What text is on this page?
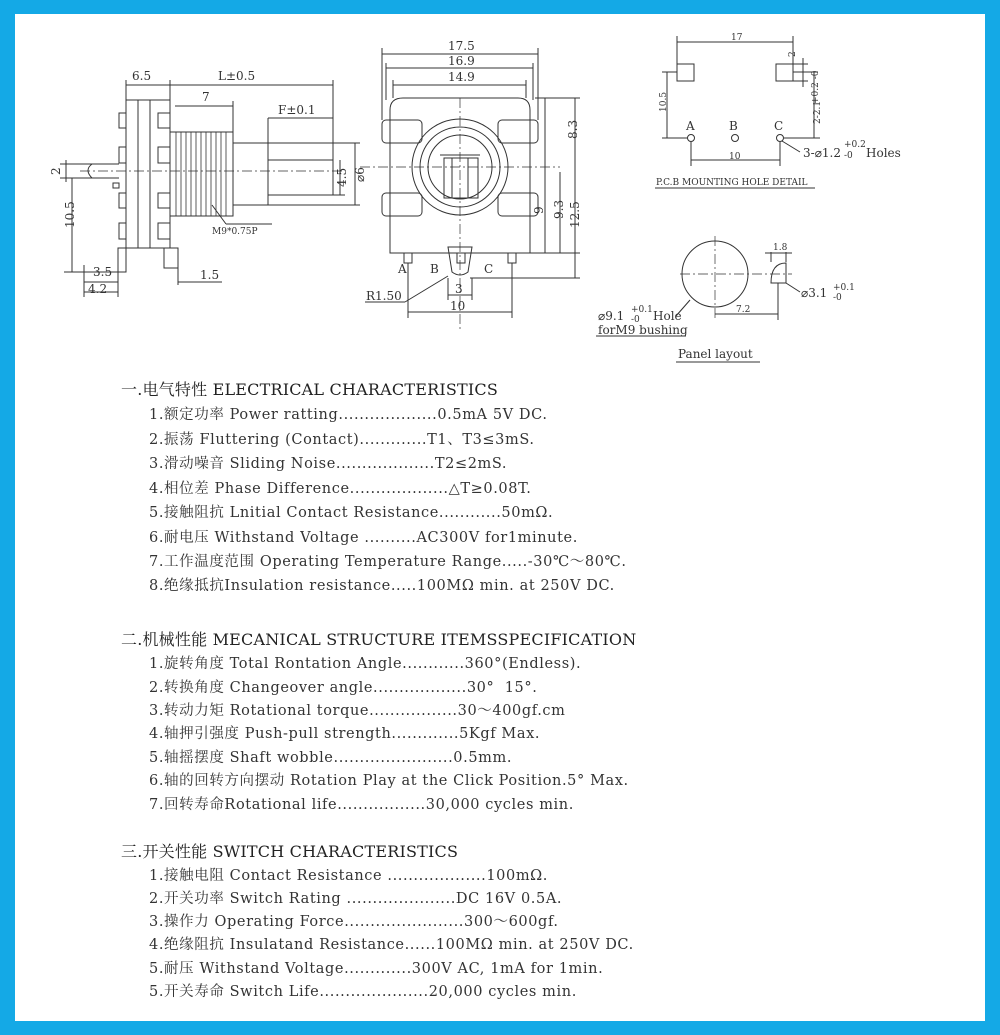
6.5	L±0.5
7
F±0.1
2
10.5
4.5 ⌀6
M9*0.75P
3.5
4.2
1.5
17.5
16.9
14.9
8.3
9 9.3 12.5
A B	C
R1.50	3
10
17
2
10.5	2-2.1
+0.2 -0
A	B	C
10	3-⌀1.2
+0.2
-0 Holes
P.C.B MOUNTING HOLE DETAIL
1.8
⌀3.1 +0.1
-0
⌀9.1 +0.1
-0 Hole
forM9 bushing
7.2
Panel layout
一.电气特性 ELECTRICAL CHARACTERISTICS
1.额定功率 Power ratting...................0.5mA 5V DC.
2.振荡 Fluttering (Contact).............T1、T3≤3mS.
3.滑动噪音 Sliding Noise...................T2≤2mS.
4.相位差 Phase Difference...................△T≥0.08T.
5.接触阻抗 Lnitial Contact Resistance............50mΩ.
6.耐电压 Withstand Voltage ..........AC300V for1minute.
7.工作温度范围 Operating Temperature Range.....-30℃～80℃.
8.绝缘抵抗Insulation resistance.....100MΩ min. at 250V DC.
二.机械性能 MECANICAL STRUCTURE ITEMSSPECIFICATION
1.旋转角度 Total Rontation Angle............360°(Endless).
2.转换角度 Changeover angle..................30°  15°.
3.转动力矩 Rotational torque.................30～400gf.cm
4.轴押引强度 Push-pull strength.............5Kgf Max.
5.轴摇摆度 Shaft wobble.......................0.5mm.
6.轴的回转方向摆动 Rotation Play at the Click Position.5° Max.
7.回转寿命Rotational life.................30,000 cycles min.
三.开关性能 SWITCH CHARACTERISTICS
1.接触电阻 Contact Resistance ...................100mΩ.
2.开关功率 Switch Rating .....................DC 16V 0.5A.
3.操作力 Operating Force.......................300～600gf.
4.绝缘阻抗 Insulatand Resistance......100MΩ min. at 250V DC.
5.耐压 Withstand Voltage.............300V AC, 1mA for 1min.
5.开关寿命 Switch Life.....................20,000 cycles min.
